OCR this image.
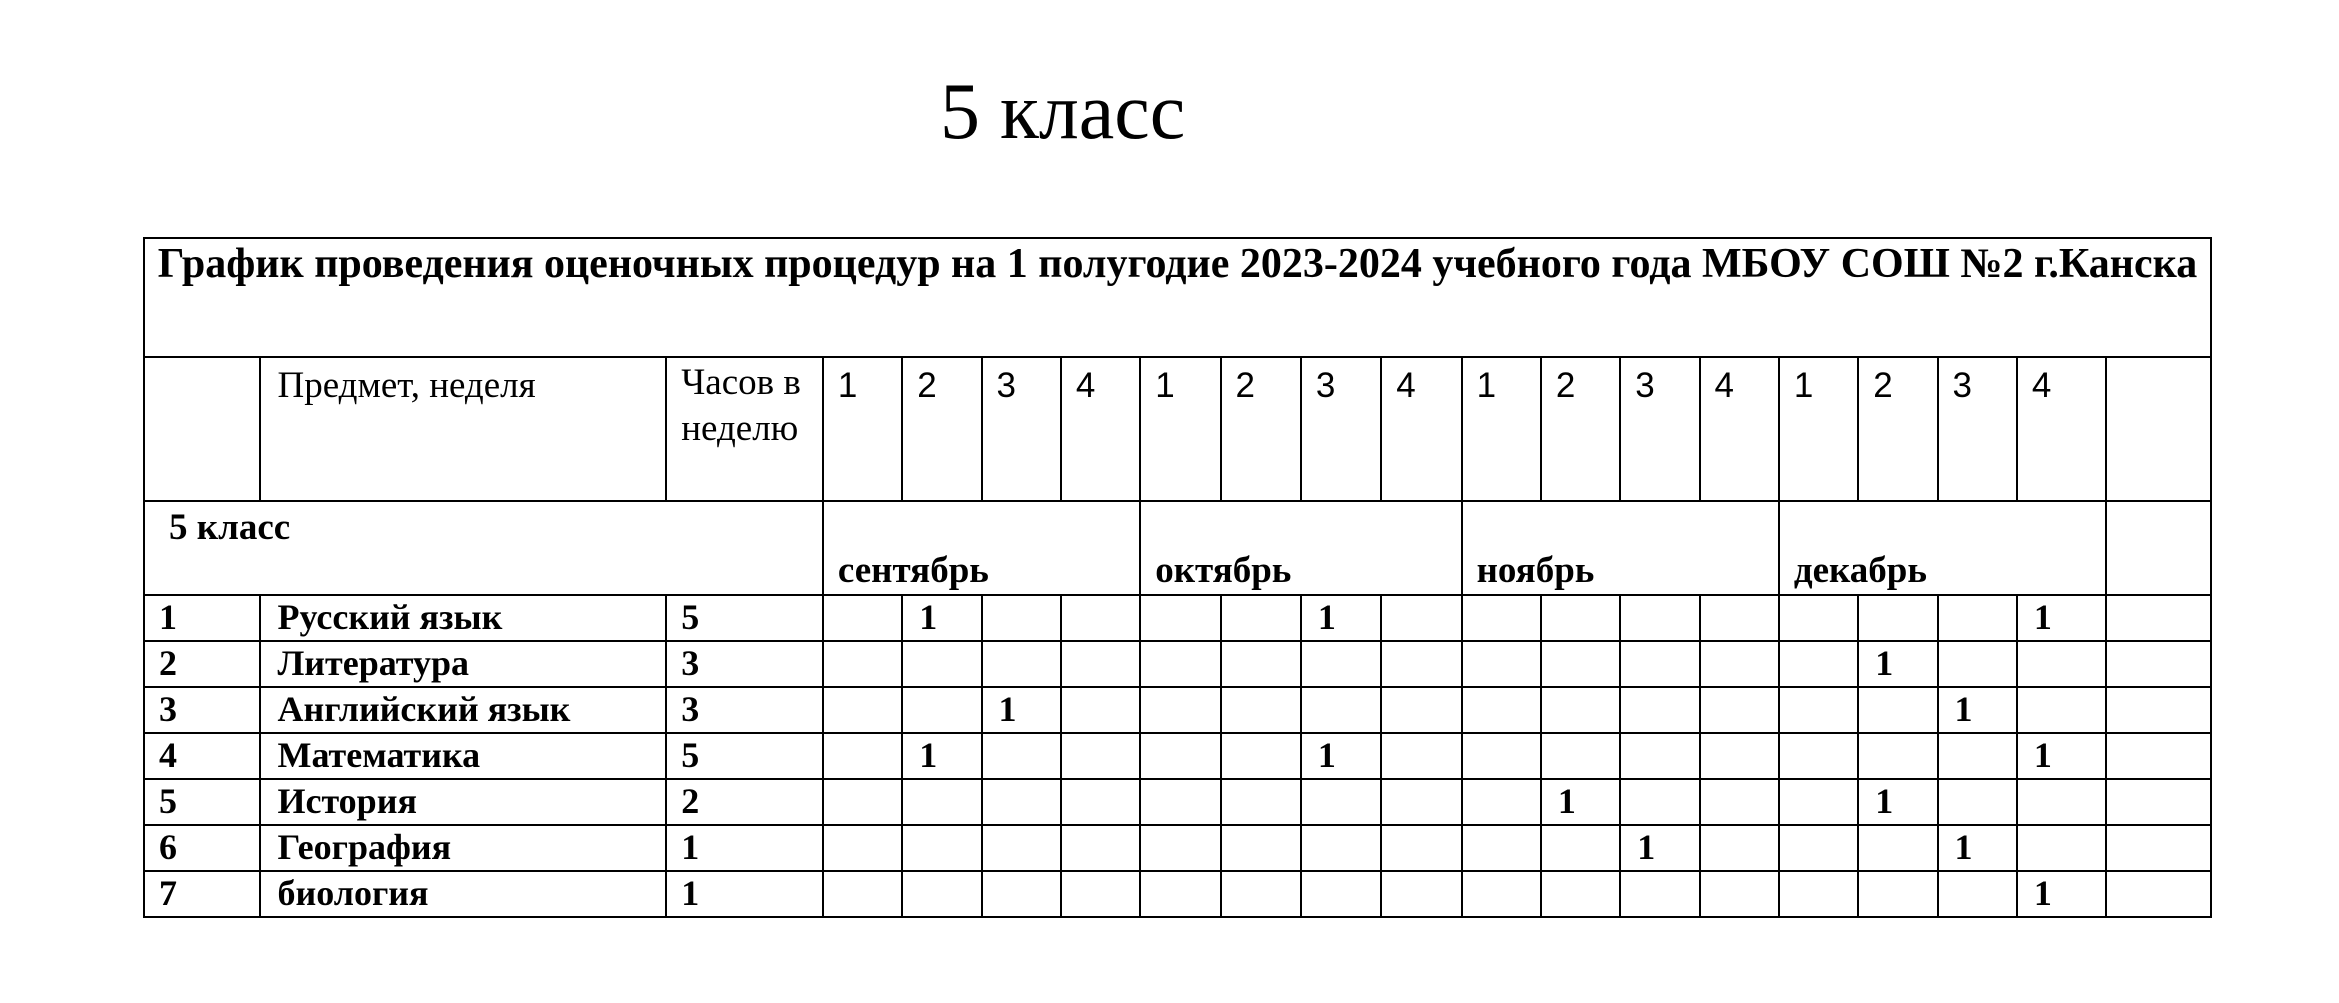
5 класс
График проведения оценочных процедур на 1 полугодие 2023-2024 учебного года МБОУ СОШ №2 г.Канска																			
	Предмет, неделя	Часов в неделю	1	2	3	4	1	2	3	4	1	2	3	4	1	2	3	4	
5 класс			сентябрь				октябрь				ноябрь				декабрь				
1	Русский язык	5		1					1									1	
2	Литература	3														1			
3	Английский язык	3			1												1		
4	Математика	5		1					1									1	
5	История	2										1				1			
6	География	1											1				1		
7	биология	1																1	
